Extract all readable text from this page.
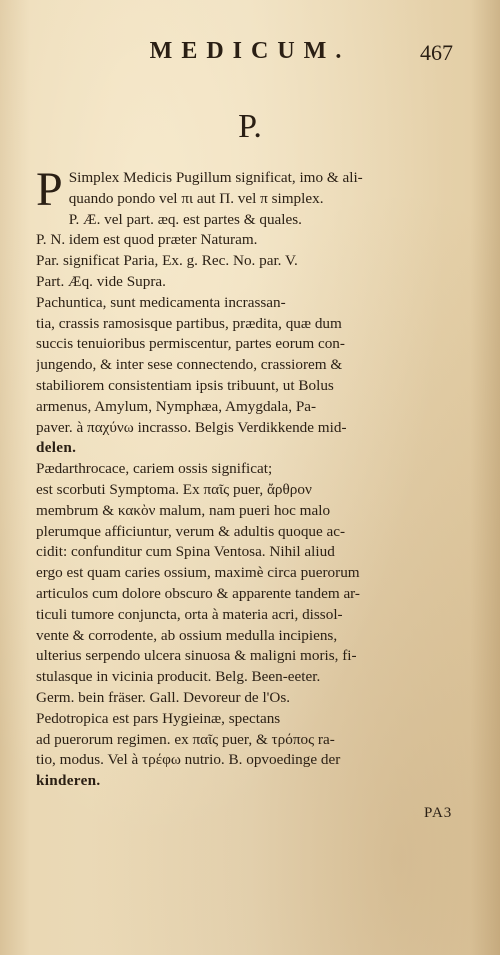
MEDICUM.	467
P.
P Simplex Medicis Pugillum significat, imo & ali-
quando pondo vel πι aut Π. vel π simplex.
P. Æ. vel part. æq. est partes & quales.
P. N. idem est quod præter Naturam.
Par. significat Paria, Ex. g. Rec. No. par. V.
Part. Æq. vide Supra.
Pachuntica, sunt medicamenta incrassan-
tia, crassis ramosisque partibus, prædita, quæ dum
succis tenuioribus permiscentur, partes eorum con-
jungendo, & inter sese connectendo, crassiorem &
stabiliorem consistentiam ipsis tribuunt, ut Bolus
armenus, Amylum, Nymphæa, Amygdala, Pa-
paver. à παχύνω incrasso. Belgis Verdikkende mid-
delen.
Pædarthrocace, cariem ossis significat;
est scorbuti Symptoma. Ex παῖς puer, ἄρθρον
membrum & κακὸν malum, nam pueri hoc malo
plerumque afficiuntur, verum & adultis quoque ac-
cidit: confunditur cum Spina Ventosa. Nihil aliud
ergo est quam caries ossium, maximè circa puerorum
articulos cum dolore obscuro & apparente tandem ar-
ticuli tumore conjuncta, orta à materia acri, dissol-
vente & corrodente, ab ossium medulla incipiens,
ulterius serpendo ulcera sinuosa & maligni moris, fi-
stulasque in vicinia producit. Belg. Been-eeter.
Germ. bein fräser. Gall. Devoreur de l'Os.
Pedotropica est pars Hygieinæ, spectans
ad puerorum regimen. ex παῖς puer, & τρόπος ra-
tio, modus. Vel à τρέφω nutrio. B. opvoedinge der
kinderen.
PA3
